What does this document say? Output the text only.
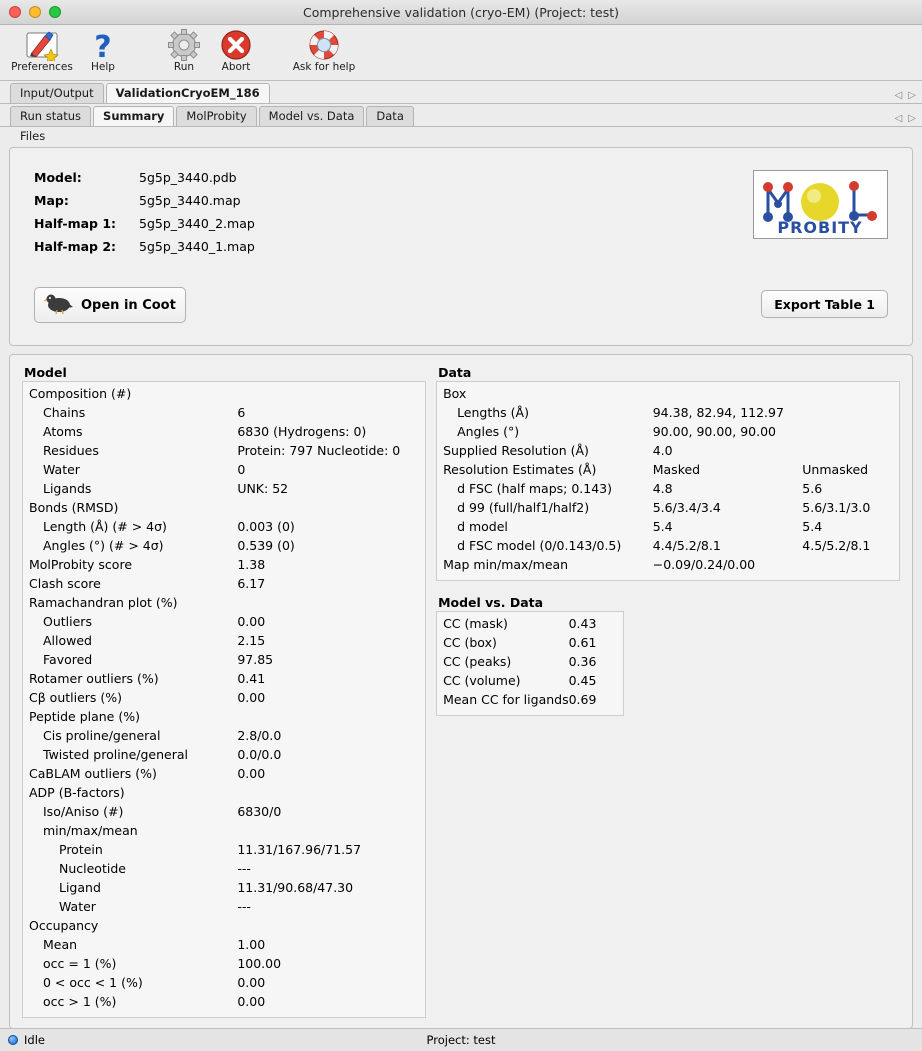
Comprehensive validation (cryo-EM) (Project: test)
Preferences
?
Help	Run	Abort	Ask for help
Input/Output	ValidationCryoEM_186	◁ ▷
Run status	Summary	MolProbity	Model vs. Data	Data	◁ ▷
Files
Model:	5g5p_3440.pdb
Map:	5g5p_3440.map
Half-map 1:	5g5p_3440_2.map
Half-map 2:	5g5p_3440_1.map
PROBITY
Open in Coot	Export Table 1
Model
Composition (#)	
Chains	6
Atoms	6830 (Hydrogens: 0)
Residues	Protein: 797 Nucleotide: 0
Water	0
Ligands	UNK: 52
Bonds (RMSD)	
Length (Å) (# > 4σ)	0.003 (0)
Angles (°) (# > 4σ)	0.539 (0)
MolProbity score	1.38
Clash score	6.17
Ramachandran plot (%)	
Outliers	0.00
Allowed	2.15
Favored	97.85
Rotamer outliers (%)	0.41
Cβ outliers (%)	0.00
Peptide plane (%)	
Cis proline/general	2.8/0.0
Twisted proline/general	0.0/0.0
CaBLAM outliers (%)	0.00
ADP (B-factors)	
Iso/Aniso (#)	6830/0
min/max/mean	
Protein	11.31/167.96/71.57
Nucleotide	---
Ligand	11.31/90.68/47.30
Water	---
Occupancy	
Mean	1.00
occ = 1 (%)	100.00
0 < occ < 1 (%)	0.00
occ > 1 (%)	0.00
Data
Box		
Lengths (Å)	94.38, 82.94, 112.97	
Angles (°)	90.00, 90.00, 90.00	
Supplied Resolution (Å)	4.0	
Resolution Estimates (Å)	Masked	Unmasked
d FSC (half maps; 0.143)	4.8	5.6
d 99 (full/half1/half2)	5.6/3.4/3.4	5.6/3.1/3.0
d model	5.4	5.4
d FSC model (0/0.143/0.5)	4.4/5.2/8.1	4.5/5.2/8.1
Map min/max/mean	−0.09/0.24/0.00	
Model vs. Data
CC (mask)	0.43
CC (box)	0.61
CC (peaks)	0.36
CC (volume)	0.45
Mean CC for ligands	0.69
Idle	Project: test
